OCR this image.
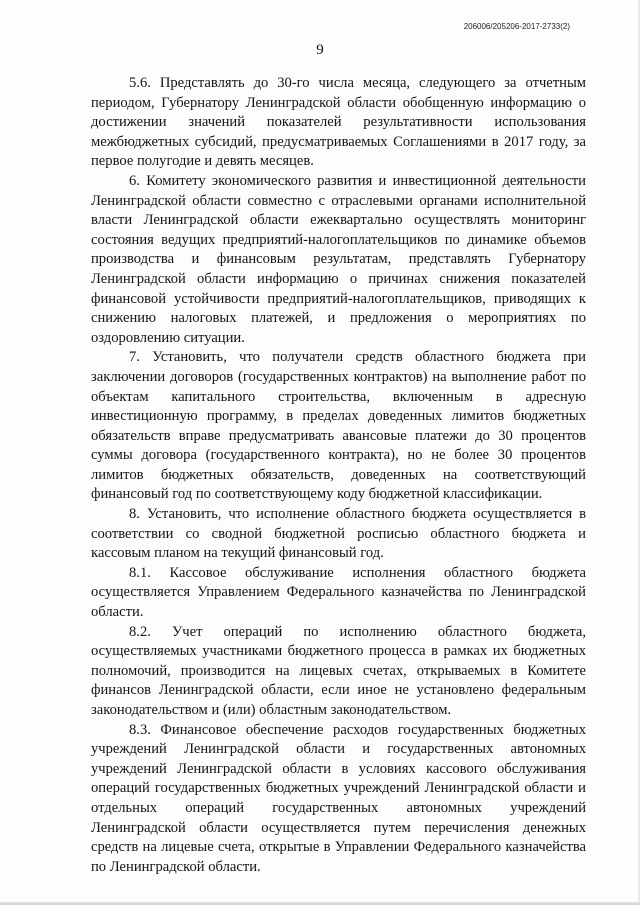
206006/205206-2017-2733(2)
9

5.6. Представлять до 30-го числа месяца, следующего за отчетным периодом, Губернатору Ленинградской области обобщенную информацию о достижении значений показателей результативности использования межбюджетных субсидий, предусматриваемых Соглашениями в 2017 году, за первое полугодие и девять месяцев.

6. Комитету экономического развития и инвестиционной деятельности Ленинградской области совместно с отраслевыми органами исполнительной власти Ленинградской области ежеквартально осуществлять мониторинг состояния ведущих предприятий-налогоплательщиков по динамике объемов производства и финансовым результатам, представлять Губернатору Ленинградской области информацию о причинах снижения показателей финансовой устойчивости предприятий-налогоплательщиков, приводящих к снижению налоговых платежей, и предложения о мероприятиях по оздоровлению ситуации.

7. Установить, что получатели средств областного бюджета при заключении договоров (государственных контрактов) на выполнение работ по объектам капитального строительства, включенным в адресную инвестиционную программу, в пределах доведенных лимитов бюджетных обязательств вправе предусматривать авансовые платежи до 30 процентов суммы договора (государственного контракта), но не более 30 процентов лимитов бюджетных обязательств, доведенных на соответствующий финансовый год по соответствующему коду бюджетной классификации.

8. Установить, что исполнение областного бюджета осуществляется в соответствии со сводной бюджетной росписью областного бюджета и кассовым планом на текущий финансовый год.

8.1. Кассовое обслуживание исполнения областного бюджета осуществляется Управлением Федерального казначейства по Ленинградской области.

8.2. Учет операций по исполнению областного бюджета, осуществляемых участниками бюджетного процесса в рамках их бюджетных полномочий, производится на лицевых счетах, открываемых в Комитете финансов Ленинградской области, если иное не установлено федеральным законодательством и (или) областным законодательством.

8.3. Финансовое обеспечение расходов государственных бюджетных учреждений Ленинградской области и государственных автономных учреждений Ленинградской области в условиях кассового обслуживания операций государственных бюджетных учреждений Ленинградской области и отдельных операций государственных автономных учреждений Ленинградской области осуществляется путем перечисления денежных средств на лицевые счета, открытые в Управлении Федерального казначейства по Ленинградской области.
